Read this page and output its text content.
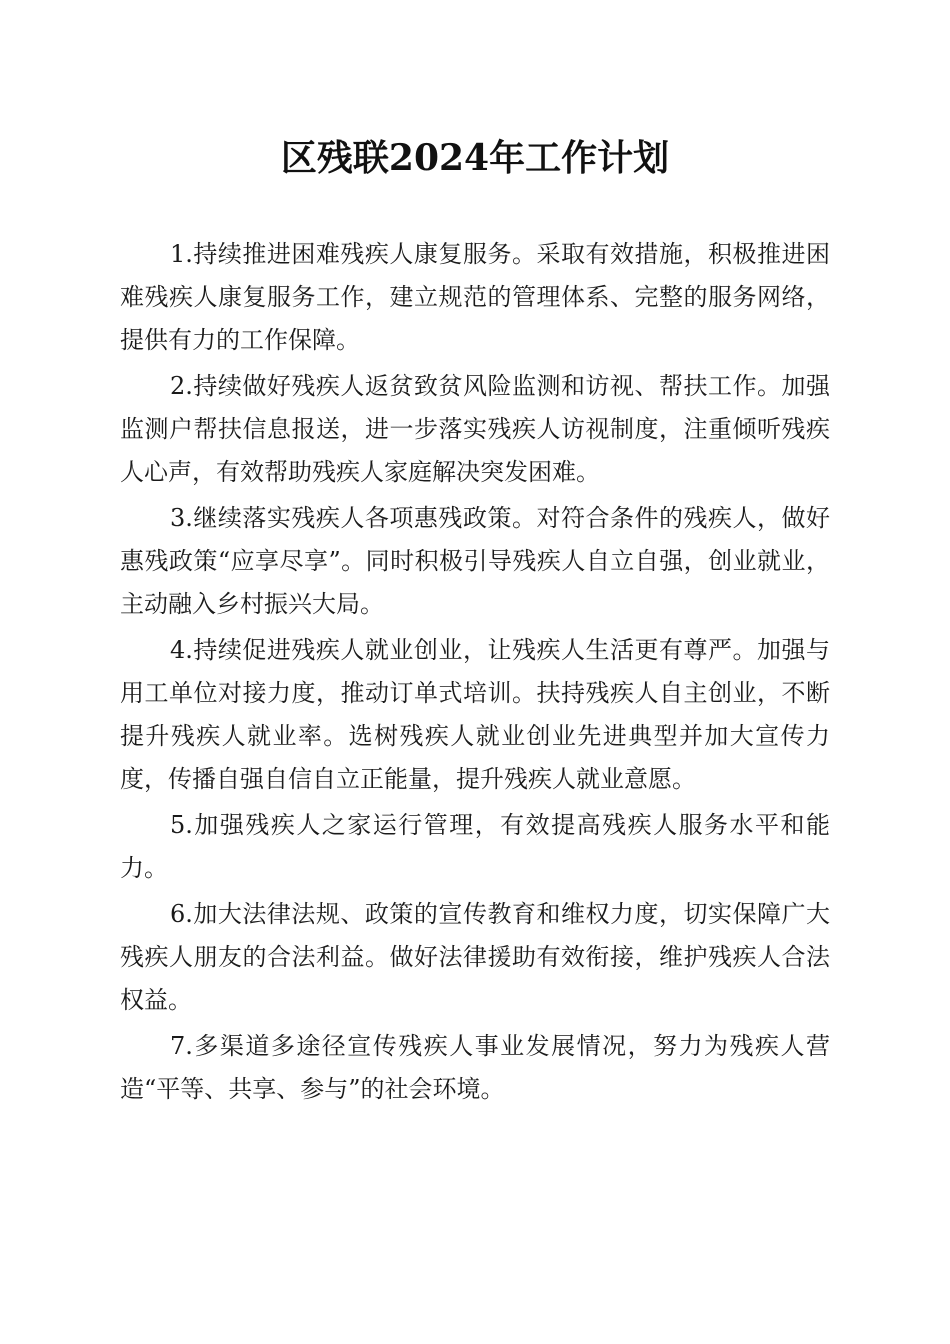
区残联2024年工作计划

1.持续推进困难残疾人康复服务。采取有效措施，积极推进困难残疾人康复服务工作，建立规范的管理体系、完整的服务网络，提供有力的工作保障。

2.持续做好残疾人返贫致贫风险监测和访视、帮扶工作。加强监测户帮扶信息报送，进一步落实残疾人访视制度，注重倾听残疾人心声，有效帮助残疾人家庭解决突发困难。

3.继续落实残疾人各项惠残政策。对符合条件的残疾人，做好惠残政策“应享尽享”。同时积极引导残疾人自立自强，创业就业，主动融入乡村振兴大局。

4.持续促进残疾人就业创业，让残疾人生活更有尊严。加强与用工单位对接力度，推动订单式培训。扶持残疾人自主创业，不断提升残疾人就业率。选树残疾人就业创业先进典型并加大宣传力度，传播自强自信自立正能量，提升残疾人就业意愿。

5.加强残疾人之家运行管理，有效提高残疾人服务水平和能力。

6.加大法律法规、政策的宣传教育和维权力度，切实保障广大残疾人朋友的合法利益。做好法律援助有效衔接，维护残疾人合法权益。

7.多渠道多途径宣传残疾人事业发展情况，努力为残疾人营造“平等、共享、参与”的社会环境。
